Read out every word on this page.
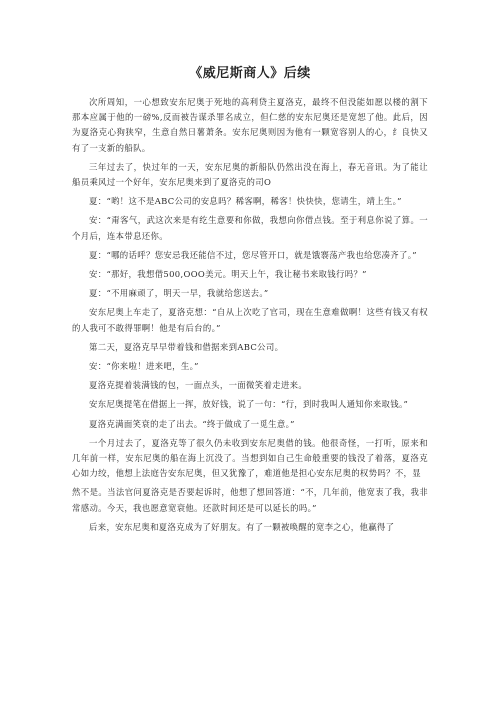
《威尼斯商人》后续

次所周知，一心想致安东尼奥于死地的高利贷主夏洛克，最终不但没能如愿以楼的割下那本应属于他的一磅%,反而被告谋杀罪名成立，但仁慈的安东尼奥还是宽恕了他。此后，因为夏洛克心狗狭窄，生意自然日薯萧条。安东尼奥则因为他有一颗宽容别人的心，纟良快又有了一支新的船队。

三年过去了，快过年的一天，安东尼奥的新船队仍然出没在海上，春无音讯。为了能让船员乘风过一个好年，安东尼奥来到了夏洛克的司O

夏：“哟！这不是ABC公司的安息吗？稀客啊，稀客！快快快，您请生，靖上生。”

安：“甭客气，武这次来是有纥生意要和你做，我想向你借点钱。至于利息你说了算。一个月后，连本带息还你。

夏：“哪的话呼？您安忌我还能信不过，您尽管开口，就是饿褰荡产我也给您凑齐了。”

安：“那好，我想借500,OOO美元。明天上午，我让秘书来取钱行吗？”

夏：“不用麻顽了，明天一早，我就给您送去。”

安东尼奥上车走了，夏洛克想：“自从上次吃了官司，现在生意难做啊！这些有钱又有权的人我可不敢得罪啊！他是有后台的。”

第二天，夏洛克早早带着钱和借据来到ABC公司。

安：“你来啦！进来吧，生。”

夏洛克提着装满钱的包，一面点头，一面微笑着走进来。

安东尼奥提笔在借据上一挥，放好钱，说了一句：“行，到时我叫人通知你来取钱。”

夏洛克满面笑衰的走了出去。“终于做成了一觅生意。”

一个月过去了，夏洛克等了很久仍未收到安东尼奥借的钱。他很奇怪，一打听，原来和几年前一样，安东尼奥的船在海上沉没了。当想到如自己生命般重要的钱没了着落，夏洛克心如力绞，他想上法庭告安东尼奥，但又犹豫了，难道他是担心安东尼奥的权势吗？不，显

然不是。当法官问夏洛克是否要起诉时，他想了想回答道：“不，几年前，他宽衷了我，我非常感动。今天，我也愿意宽衰他。还款时间还是可以延长的吗。”

后来，安东尼奥和夏洛克成为了好朋友。有了一颗被唤醒的宽李之心，他赢得了
